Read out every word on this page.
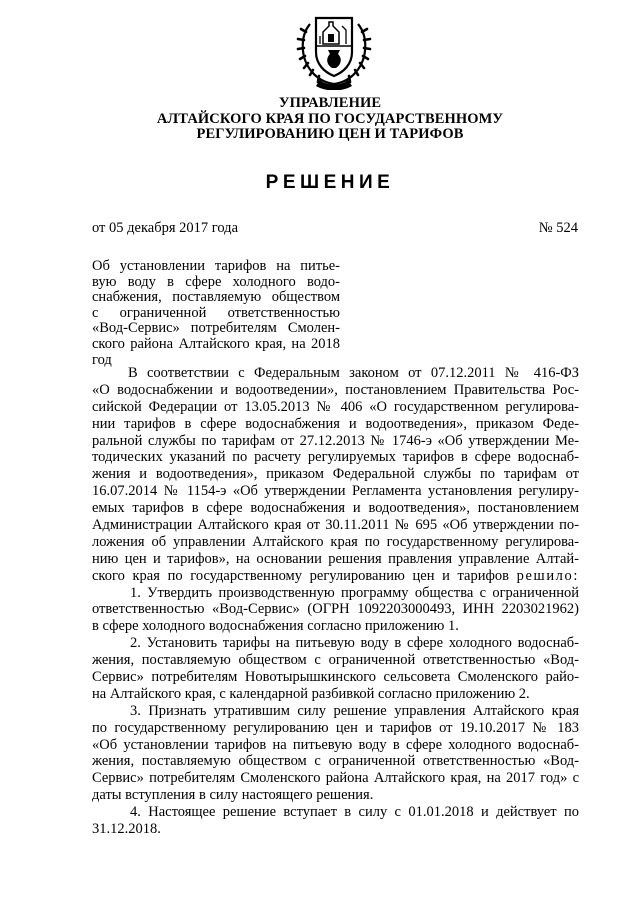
УПРАВЛЕНИЕ
АЛТАЙСКОГО КРАЯ ПО ГОСУДАРСТВЕННОМУ
РЕГУЛИРОВАНИЮ ЦЕН И ТАРИФОВ
РЕШЕНИЕ
от 05 декабря 2017 года	№ 524
Об установлении тарифов на питье-
вую воду в сфере холодного водо-
снабжения, поставляемую обществом
с ограниченной ответственностью
«Вод-Сервис» потребителям Смолен-
ского района Алтайского края, на 2018
год
В соответствии с Федеральным законом от 07.12.2011 № 416-ФЗ
«О водоснабжении и водоотведении», постановлением Правительства Рос-
сийской Федерации от 13.05.2013 № 406 «О государственном регулирова-
нии тарифов в сфере водоснабжения и водоотведения», приказом Федe-
ральной службы по тарифам от 27.12.2013 № 1746-э «Об утверждении Ме-
тодических указаний по расчету регулируемых тарифов в сфере водоснаб-
жения и водоотведения», приказом Федеральной службы по тарифам от
16.07.2014 № 1154-э «Об утверждении Регламента установления регулиру-
емых тарифов в сфере водоснабжения и водоотведения», постановлением
Администрации Алтайского края от 30.11.2011 № 695 «Об утверждении по-
ложения об управлении Алтайского края по государственному регулирова-
нию цен и тарифов», на основании решения правления управление Алтай-
ского края по государственному регулированию цен и тарифов решило:
1. Утвердить производственную программу общества с ограниченной
ответственностью «Вод-Сервис» (ОГРН 1092203000493, ИНН 2203021962)
в сфере холодного водоснабжения согласно приложению 1.
2. Установить тарифы на питьевую воду в сфере холодного водоснаб-
жения, поставляемую обществом с ограниченной ответственностью «Вод-
Сервис» потребителям Новотырышкинского сельсовета Смоленского райо-
на Алтайского края, с календарной разбивкой согласно приложению 2.
3. Признать утратившим силу решение управления Алтайского края
по государственному регулированию цен и тарифов от 19.10.2017 № 183
«Об установлении тарифов на питьевую воду в сфере холодного водоснаб-
жения, поставляемую обществом с ограниченной ответственностью «Вод-
Сервис» потребителям Смоленского района Алтайского края, на 2017 год» с
даты вступления в силу настоящего решения.
4. Настоящее решение вступает в силу с 01.01.2018 и действует по
31.12.2018.
